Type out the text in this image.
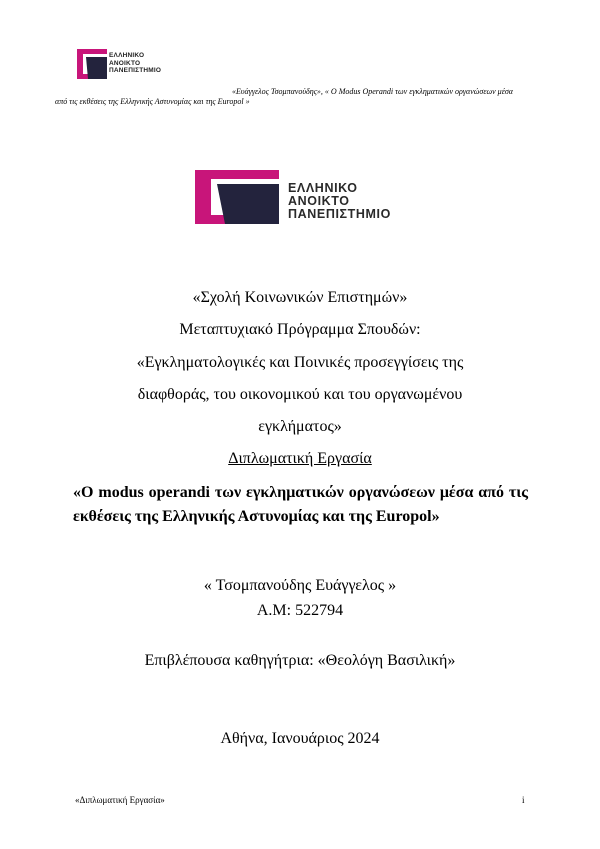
ΕΛΛΗΝΙΚΟ
ΑΝΟΙΚΤΟ
ΠΑΝΕΠΙΣΤΗΜΙΟ
«Ευάγγελος Τσομπανούδης», « Ο Modus Operandi των εγκληματικών οργανώσεων μέσα
από τις εκθέσεις της Ελληνικής Αστυνομίας και της Europol »
ΕΛΛΗΝΙΚΟ
ΑΝΟΙΚΤΟ
ΠΑΝΕΠΙΣΤΗΜΙΟ
«Σχολή Κοινωνικών Επιστημών»
Μεταπτυχιακό Πρόγραμμα Σπουδών:
«Εγκληματολογικές και Ποινικές προσεγγίσεις της
διαφθοράς, του οικονομικού και του οργανωμένου
εγκλήματος»
Διπλωματική Εργασία
«Ο modus operandi των εγκληματικών οργανώσεων μέσα από τις εκθέσεις της Ελληνικής Αστυνομίας και της Europol»
« Τσομπανούδης Ευάγγελος »
Α.Μ: 522794
Επιβλέπουσα καθηγήτρια: «Θεολόγη Βασιλική»
Αθήνα, Ιανουάριος 2024
«Διπλωματική Εργασία»	i
